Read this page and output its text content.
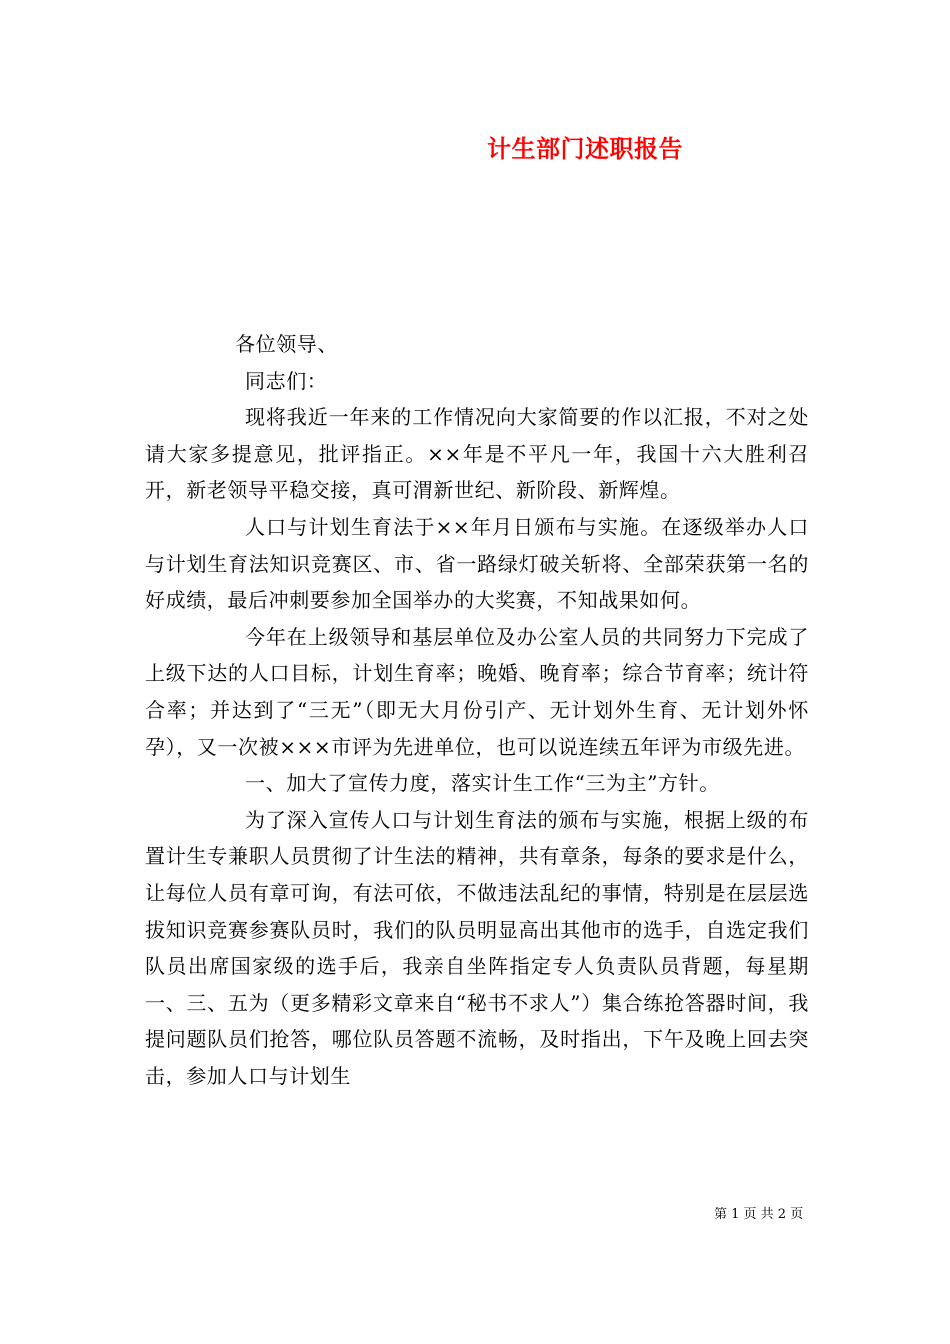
计生部门述职报告

各位领导、

同志们：

现将我近一年来的工作情况向大家简要的作以汇报，不对之处请大家多提意见，批评指正。××年是不平凡一年，我国十六大胜利召开，新老领导平稳交接，真可渭新世纪、新阶段、新辉煌。

人口与计划生育法于××年月日颁布与实施。在逐级举办人口与计划生育法知识竞赛区、市、省一路绿灯破关斩将、全部荣获第一名的好成绩，最后冲刺要参加全国举办的大奖赛，不知战果如何。

今年在上级领导和基层单位及办公室人员的共同努力下完成了上级下达的人口目标，计划生育率；晚婚、晚育率；综合节育率；统计符合率；并达到了“三无”（即无大月份引产、无计划外生育、无计划外怀孕），又一次被×××市评为先进单位，也可以说连续五年评为市级先进。

一、加大了宣传力度，落实计生工作“三为主”方针。

为了深入宣传人口与计划生育法的颁布与实施，根据上级的布置计生专兼职人员贯彻了计生法的精神，共有章条，每条的要求是什么，让每位人员有章可询，有法可依，不做违法乱纪的事情，特别是在层层选拔知识竞赛参赛队员时，我们的队员明显高出其他市的选手，自选定我们队员出席国家级的选手后，我亲自坐阵指定专人负责队员背题，每星期一、三、五为（更多精彩文章来自“秘书不求人”）集合练抢答器时间，我提问题队员们抢答，哪位队员答题不流畅，及时指出，下午及晚上回去突击，参加人口与计划生

第 1 页 共 2 页
